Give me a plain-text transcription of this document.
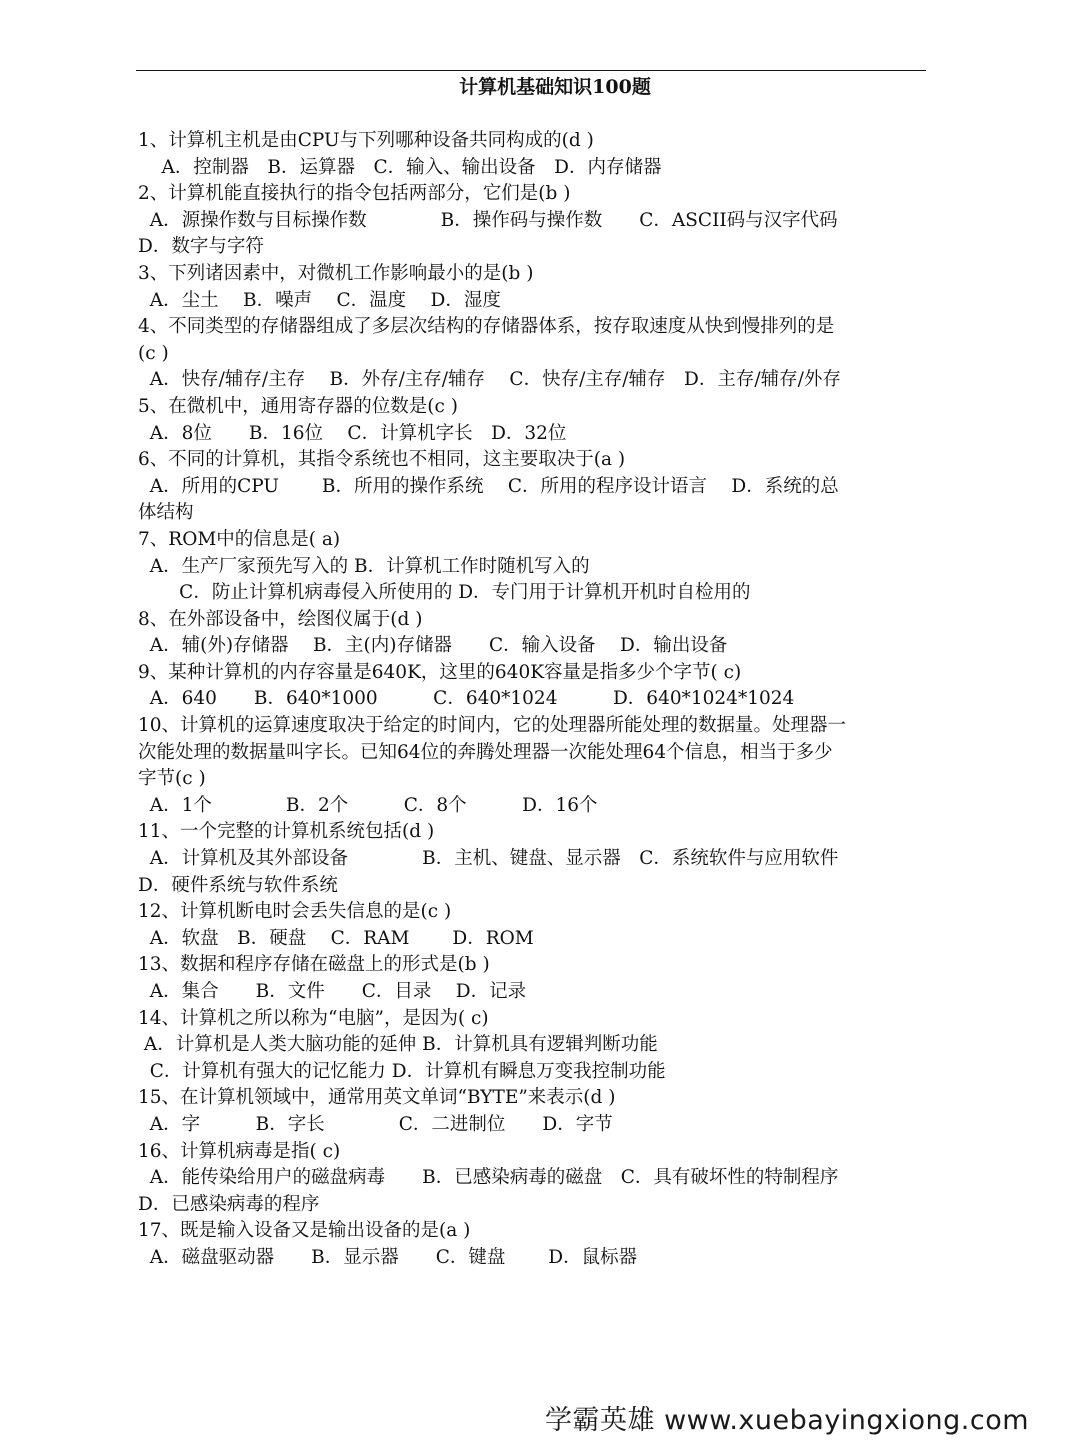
计算机基础知识100题
1、计算机主机是由CPU与下列哪种设备共同构成的(d )
A．控制器　B．运算器　C．输入、输出设备　D．内存储器
2、计算机能直接执行的指令包括两部分，它们是(b )
A．源操作数与目标操作数　　　　B．操作码与操作数　　C．ASCII码与汉字代码
D．数字与字符
3、下列诸因素中，对微机工作影响最小的是(b )
A．尘土　 B．噪声　 C．温度　 D．湿度
4、不同类型的存储器组成了多层次结构的存储器体系，按存取速度从快到慢排列的是
(c )
A．快存/辅存/主存　 B．外存/主存/辅存　 C．快存/主存/辅存　D．主存/辅存/外存
5、在微机中，通用寄存器的位数是(c )
A．8位　　B．16位　 C．计算机字长　D．32位
6、不同的计算机，其指令系统也不相同，这主要取决于(a )
A．所用的CPU　　 B．所用的操作系统　 C．所用的程序设计语言　 D．系统的总
体结构
7、ROM中的信息是( a)
A．生产厂家预先写入的 B．计算机工作时随机写入的
C．防止计算机病毒侵入所使用的 D．专门用于计算机开机时自检用的
8、在外部设备中，绘图仪属于(d )
A．辅(外)存储器　 B．主(内)存储器　　C．输入设备　 D．输出设备
9、某种计算机的内存容量是640K，这里的640K容量是指多少个字节( c)
A．640　　B．640*1000　　　C．640*1024　　　D．640*1024*1024
10、计算机的运算速度取决于给定的时间内，它的处理器所能处理的数据量。处理器一
次能处理的数据量叫字长。已知64位的奔腾处理器一次能处理64个信息，相当于多少
字节(c )
A．1个　　　　B．2个　　　C．8个　　　D．16个
11、一个完整的计算机系统包括(d )
A．计算机及其外部设备　　　　B．主机、键盘、显示器　C．系统软件与应用软件
D．硬件系统与软件系统
12、计算机断电时会丢失信息的是(c )
A．软盘　B．硬盘　 C．RAM　　 D．ROM
13、数据和程序存储在磁盘上的形式是(b )
A．集合　　B．文件　　C．目录　 D．记录
14、计算机之所以称为“电脑”，是因为( c)
A．计算机是人类大脑功能的延伸 B．计算机具有逻辑判断功能
C．计算机有强大的记忆能力 D．计算机有瞬息万变我控制功能
15、在计算机领域中，通常用英文单词“BYTE”来表示(d )
A．字　　　B．字长　　　　C．二进制位　　D．字节
16、计算机病毒是指( c)
A．能传染给用户的磁盘病毒　　B．已感染病毒的磁盘　C．具有破坏性的特制程序
D．已感染病毒的程序
17、既是输入设备又是输出设备的是(a )
A．磁盘驱动器　　B．显示器　　C．键盘　　 D．鼠标器
学霸英雄 www.xuebayingxiong.com
